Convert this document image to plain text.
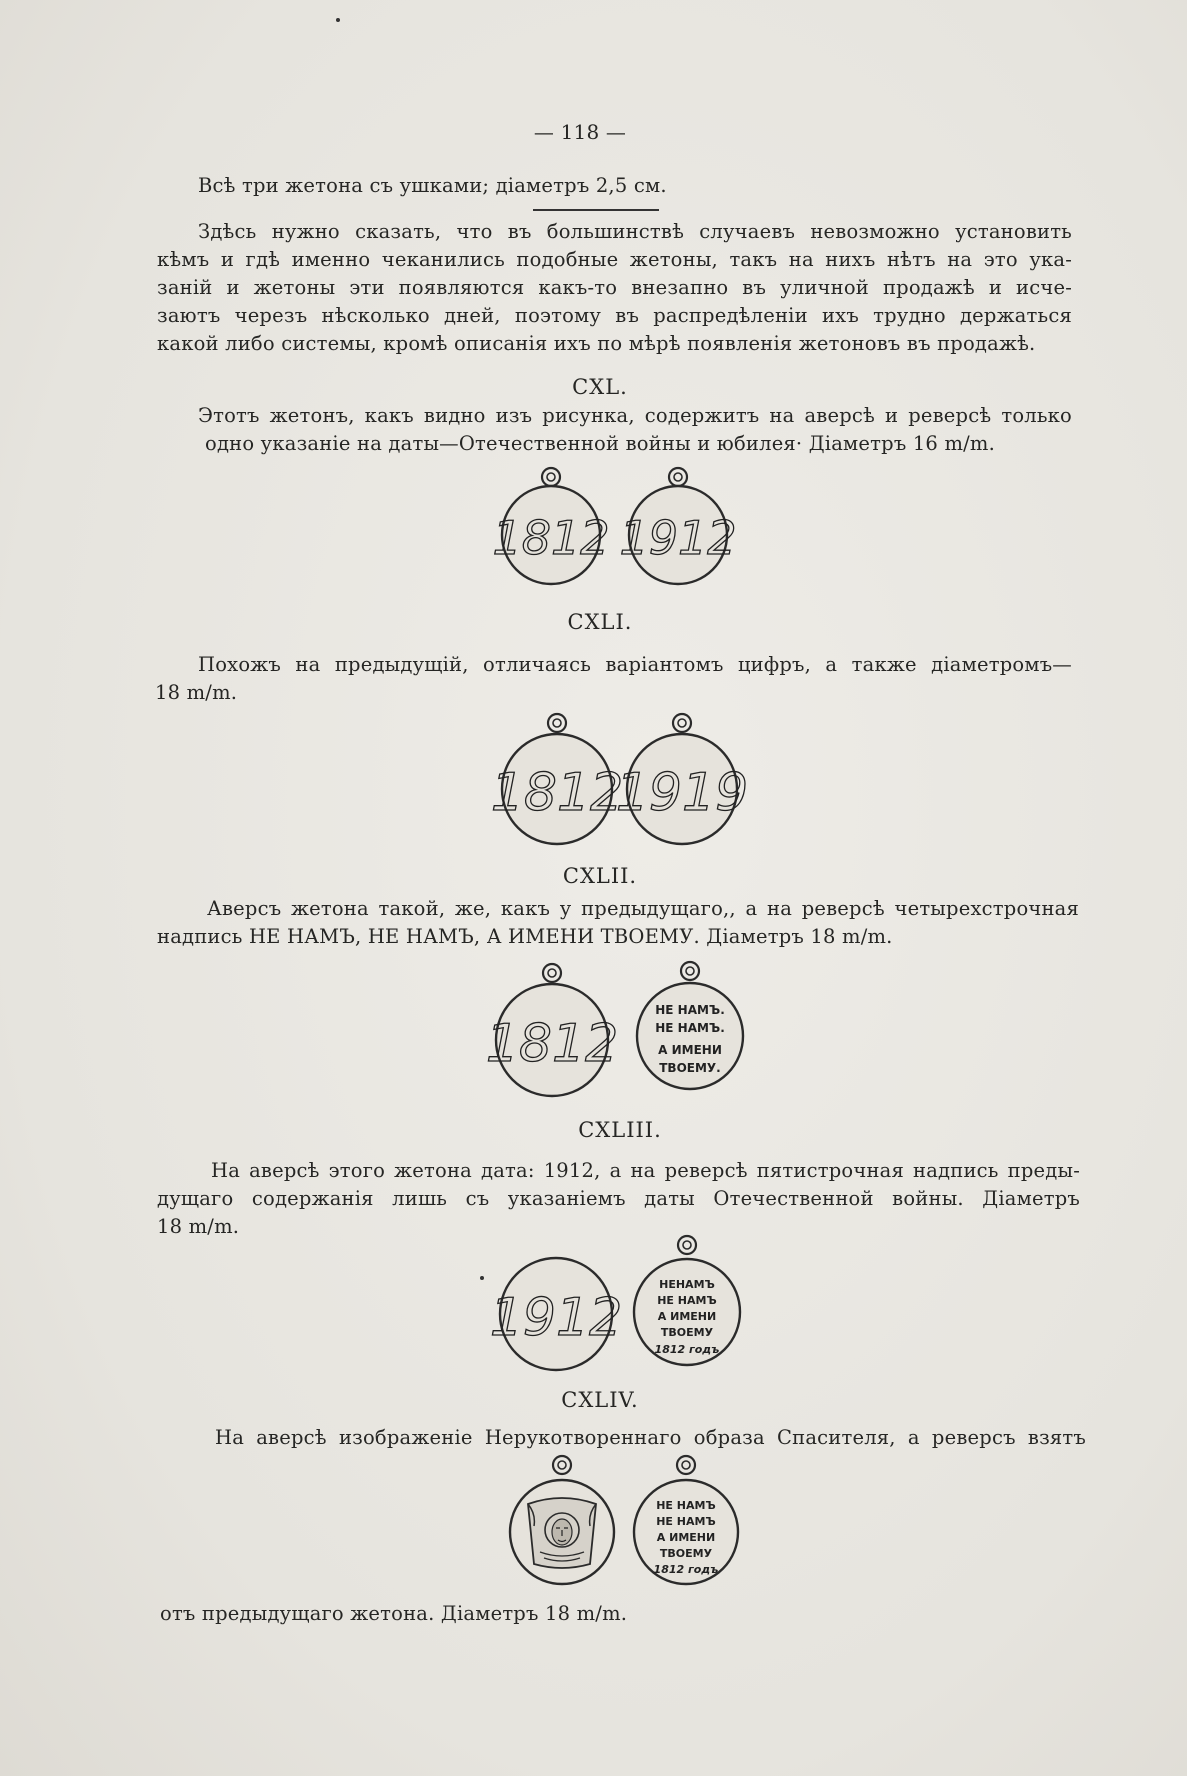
— 118 —
Всѣ три жетона съ ушками; діаметръ 2,5 см.
Здѣсь нужно сказать, что въ большинствѣ случаевъ невозможно установить
кѣмъ и гдѣ именно чеканились подобные жетоны, такъ на нихъ нѣтъ на это ука-
заній и жетоны эти появляются какъ-то внезапно въ уличной продажѣ и исче-
заютъ черезъ нѣсколько дней, поэтому въ распредѣленіи ихъ трудно держаться
какой либо системы, кромѣ описанія ихъ по мѣрѣ появленія жетоновъ въ продажѣ.
CXL.
Этотъ жетонъ, какъ видно изъ рисунка, содержитъ на аверсѣ и реверсѣ только
одно указаніе на даты—Отечественной войны и юбилея· Діаметръ 16 m/m.
1812 1912
CXLI.
Похожъ на предыдущій, отличаясь варіантомъ цифръ, а также діаметромъ—
18 m/m.
1812
1919
CXLII.
Аверсъ жетона такой, же, какъ у предыдущаго,, а на реверсѣ четырехстрочная
надпись НЕ НАМЪ, НЕ НАМЪ, А ИМЕНИ ТВОЕМУ. Діаметръ 18 m/m.
1812
НЕ НАМЪ.
НЕ НАМЪ.
А ИМЕНИ
ТВОЕМУ.
CXLIII.
На аверсѣ этого жетона дата: 1912, а на реверсѣ пятистрочная надпись преды-
дущаго содержанія лишь съ указаніемъ даты Отечественной войны. Діаметръ
18 m/m.
1912
НЕНАМЪ
НЕ НАМЪ
А ИМЕНИ
ТВОЕМУ
1812 годъ
CXLIV.
На аверсѣ изображеніе Нерукотвореннаго образа Спасителя, а реверсъ взятъ
НЕ НАМЪ
НЕ НАМЪ
А ИМЕНИ
ТВОЕМУ
1812 годъ
отъ предыдущаго жетона. Діаметръ 18 m/m.
